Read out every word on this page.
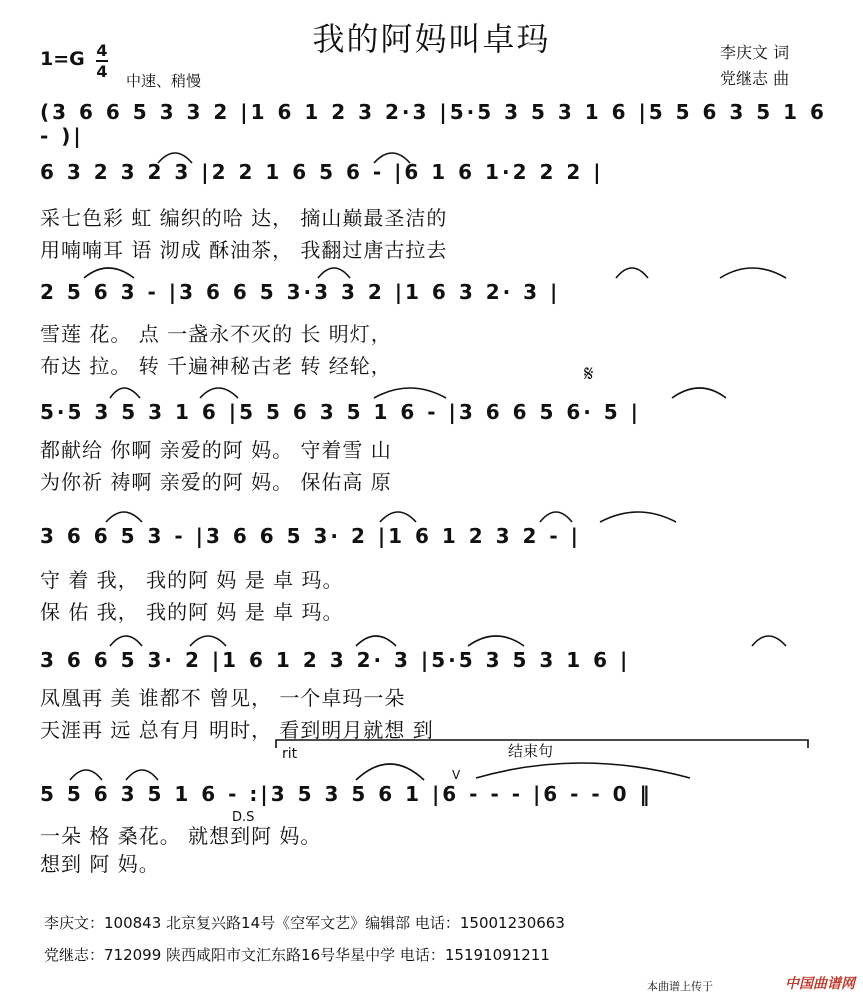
我的阿妈叫卓玛
1=G 4
4 中速、稍慢
李庆文 词
党继志 曲
(3 6 6 5 3 3 2 |1 6 1 2 3 2·3 |5·5 3 5 3 1 6 |5 5 6 3 5 1 6 - )|
6 3 2 3 2 3 |2 2 1 6 5 6 - |6 1 6 1·2 2 2 |
采七色彩 虹 编织的哈 达， 摘山巅最圣洁的
用喃喃耳 语 沏成 酥油茶， 我翻过唐古拉去
2 5 6 3 - |3 6 6 5 3·3 3 2 |1 6 3 2· 3 |
雪莲 花。 点 一盏永不灭的 长 明灯，
布达 拉。 转 千遍神秘古老 转 经轮，	𝄋
5·5 3 5 3 1 6 |5 5 6 3 5 1 6 - |3 6 6 5 6· 5 |
都献给 你啊 亲爱的阿 妈。 守着雪 山
为你祈 祷啊 亲爱的阿 妈。 保佑高 原
3 6 6 5 3 - |3 6 6 5 3· 2 |1 6 1 2 3 2 - |
守 着 我， 我的阿 妈 是 卓 玛。
保 佑 我， 我的阿 妈 是 卓 玛。
3 6 6 5 3· 2 |1 6 1 2 3 2· 3 |5·5 3 5 3 1 6 |
凤凰再 美 谁都不 曾见， 一个卓玛一朵
天涯再 远 总有月 明时， 看到明月就想 到
rit	结束句
V
5 5 6 3 5 1 6 - :|3 5 3 5 6 1 |6 - - - |6 - - 0 ‖
一朵 格 桑花。 就想到阿 妈。
想到 阿 妈。
D.S
李庆文：100843 北京复兴路14号《空军文艺》编辑部 电话：15001230663
党继志：712099 陕西咸阳市文汇东路16号华星中学 电话：15191091211
本曲谱上传于	中国曲谱网
